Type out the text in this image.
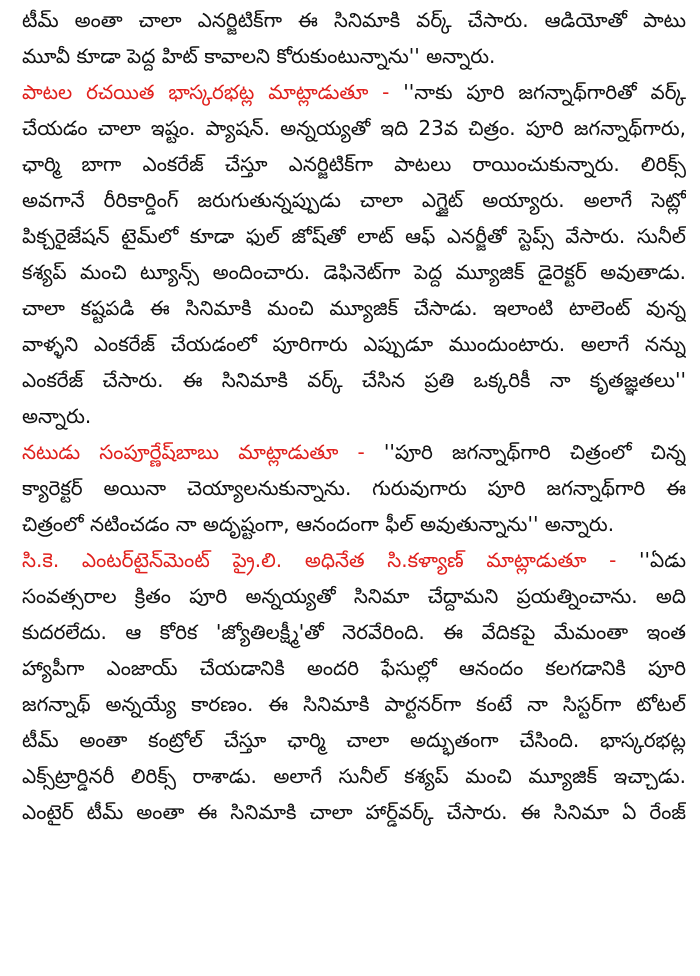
టీమ్ అంతా చాలా ఎనర్జిటిక్‌గా ఈ సినిమాకి వర్క్ చేసారు. ఆడియోతో పాటు
మూవీ కూడా పెద్ద హిట్ కావాలని కోరుకుంటున్నాను'' అన్నారు.
పాటల రచయిత భాస్కరభట్ల మాట్లాడుతూ - ''నాకు పూరి జగన్నాథ్‌గారితో వర్క్
చేయడం చాలా ఇష్టం. ప్యాషన్. అన్నయ్యతో ఇది 23వ చిత్రం. పూరి జగన్నాథ్‌గారు,
ఛార్మి బాగా ఎంకరేజ్ చేస్తూ ఎనర్జిటిక్‌గా పాటలు రాయించుకున్నారు. లిరిక్స్
అవగానే రీరికార్డింగ్ జరుగుతున్నప్పుడు చాలా ఎగ్జైట్ అయ్యారు. అలాగే సెట్లో
పిక్చరైజేషన్ టైమ్‌లో కూడా ఫుల్ జోష్‌తో లాట్ ఆఫ్ ఎనర్జీతో స్టెప్స్ వేసారు. సునీల్
కశ్యప్ మంచి ట్యూన్స్ అందించారు. డెఫినెట్‌గా పెద్ద మ్యూజిక్ డైరెక్టర్ అవుతాడు.
చాలా కష్టపడి ఈ సినిమాకి మంచి మ్యూజిక్ చేసాడు. ఇలాంటి టాలెంట్ వున్న
వాళ్ళని ఎంకరేజ్ చేయడంలో పూరిగారు ఎప్పుడూ ముందుంటారు. అలాగే నన్ను
ఎంకరేజ్ చేసారు. ఈ సినిమాకి వర్క్ చేసిన ప్రతి ఒక్కరికీ నా కృతజ్ఞతలు''
అన్నారు.
నటుడు సంపూర్ణేష్‌బాబు మాట్లాడుతూ - ''పూరి జగన్నాథ్‌గారి చిత్రంలో చిన్న
క్యారెక్టర్ అయినా చెయ్యాలనుకున్నాను. గురువుగారు పూరి జగన్నాథ్‌గారి ఈ
చిత్రంలో నటించడం నా అదృష్టంగా, ఆనందంగా ఫీల్ అవుతున్నాను'' అన్నారు.
సి.కె. ఎంటర్‌టైన్‌మెంట్ ప్రై.లి. అధినేత సి.కళ్యాణ్ మాట్లాడుతూ - ''ఏడు
సంవత్సరాల క్రితం పూరి అన్నయ్యతో సినిమా చేద్దామని ప్రయత్నించాను. అది
కుదరలేదు. ఆ కోరిక 'జ్యోతిలక్ష్మీ'తో నెరవేరింది. ఈ వేదికపై మేమంతా ఇంత
హ్యాపీగా ఎంజాయ్ చేయడానికి అందరి ఫేసుల్లో ఆనందం కలగడానికి పూరి
జగన్నాథ్ అన్నయ్యే కారణం. ఈ సినిమాకి పార్టనర్‌గా కంటే నా సిస్టర్‌గా టోటల్
టీమ్ అంతా కంట్రోల్ చేస్తూ ఛార్మి చాలా అద్భుతంగా చేసింది. భాస్కరభట్ల
ఎక్స్‌ట్రార్డినరీ లిరిక్స్ రాశాడు. అలాగే సునీల్ కశ్యప్ మంచి మ్యూజిక్ ఇచ్చాడు.
ఎంటైర్ టీమ్ అంతా ఈ సినిమాకి చాలా హార్డ్‌వర్క్ చేసారు. ఈ సినిమా ఏ రేంజ్
